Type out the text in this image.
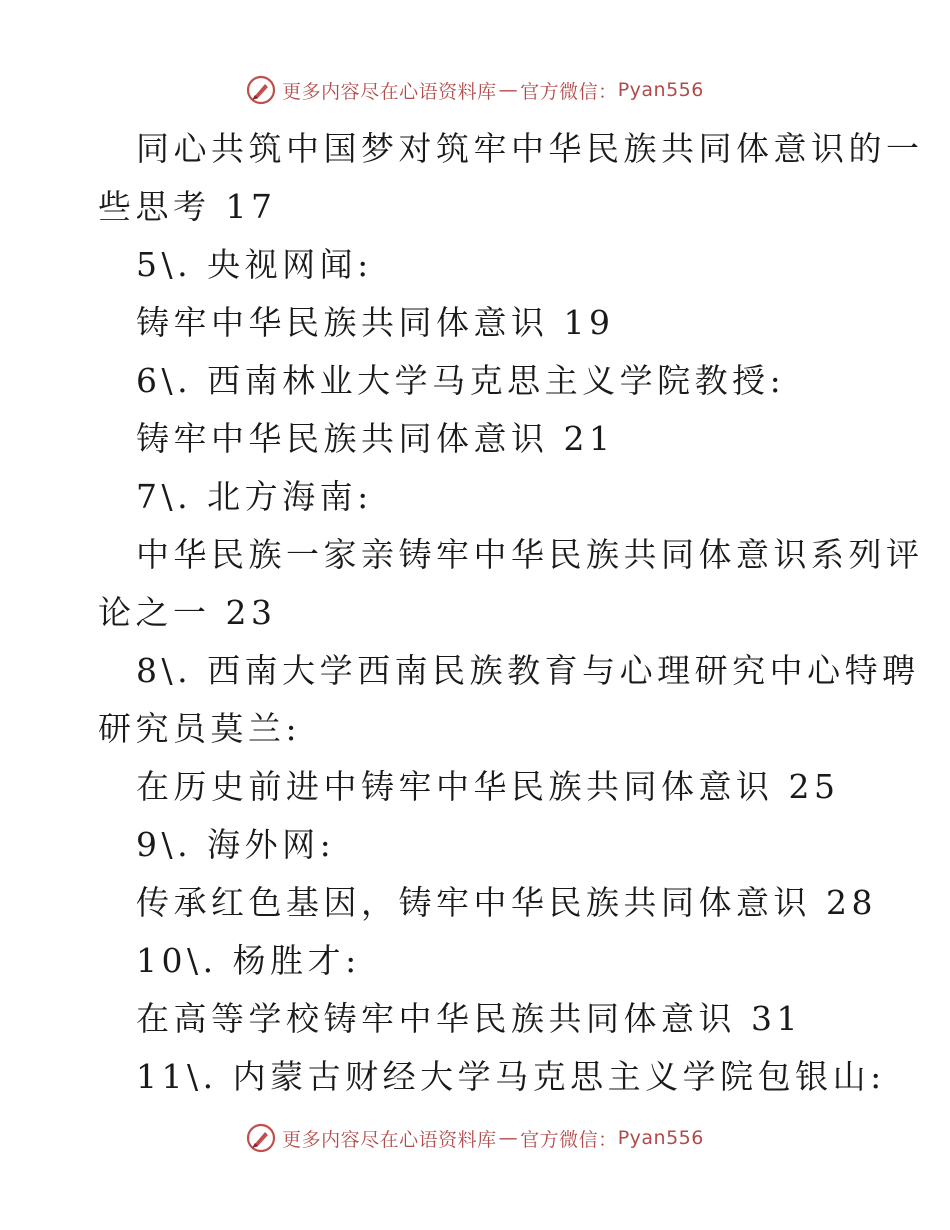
更多内容尽在心语资料库 — 官方微信： Pyan556
同心共筑中国梦对筑牢中华民族共同体意识的一
些思考 17
5\. 央视网闻:
铸牢中华民族共同体意识 19
6\. 西南林业大学马克思主义学院教授:
铸牢中华民族共同体意识 21
7\. 北方海南:
中华民族一家亲铸牢中华民族共同体意识系列评
论之一 23
8\. 西南大学西南民族教育与心理研究中心特聘
研究员莫兰:
在历史前进中铸牢中华民族共同体意识 25
9\. 海外网:
传承红色基因，铸牢中华民族共同体意识 28
10\. 杨胜才:
在高等学校铸牢中华民族共同体意识 31
11\. 内蒙古财经大学马克思主义学院包银山:
更多内容尽在心语资料库 — 官方微信： Pyan556
